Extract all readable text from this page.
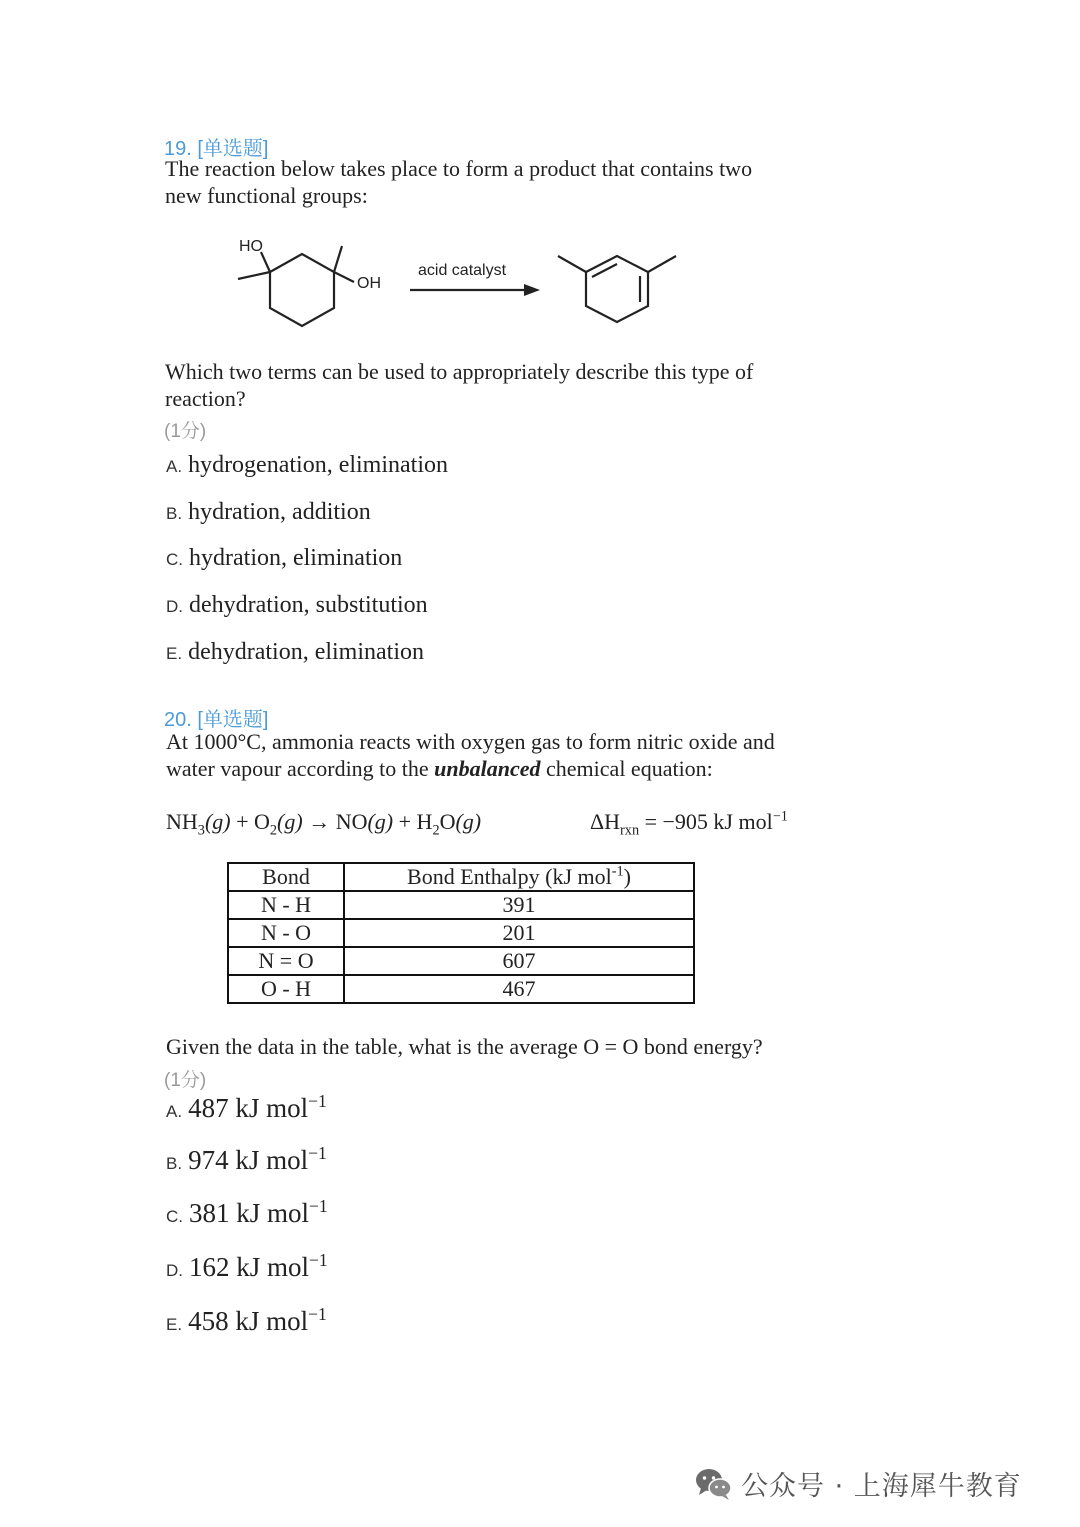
19. [单选题]
The reaction below takes place to form a product that contains two
new functional groups:
HO
OH
acid catalyst
Which two terms can be used to appropriately describe this type of
reaction?
(1分)
A. hydrogenation, elimination
B. hydration, addition
C. hydration, elimination
D. dehydration, substitution
E. dehydration, elimination
20. [单选题]
At 1000°C, ammonia reacts with oxygen gas to form nitric oxide and
water vapour according to the unbalanced chemical equation:
$NH_3(g) + O_2(g) \to NO(g) + H_2O(g)$	$\Delta H_{rxn} = -905$ kJ mol$^{-1}$
Bond	Bond Enthalpy (kJ mol$^{-1}$)
N - H	391
N - O	201
N = O	607
O - H	467
Given the data in the table, what is the average O = O bond energy?
(1分)
A. 487 kJ mol$^{-1}$
B. 974 kJ mol$^{-1}$
C. 381 kJ mol$^{-1}$
D. 162 kJ mol$^{-1}$
E. 458 kJ mol$^{-1}$
公众号 · 上海犀牛教育
